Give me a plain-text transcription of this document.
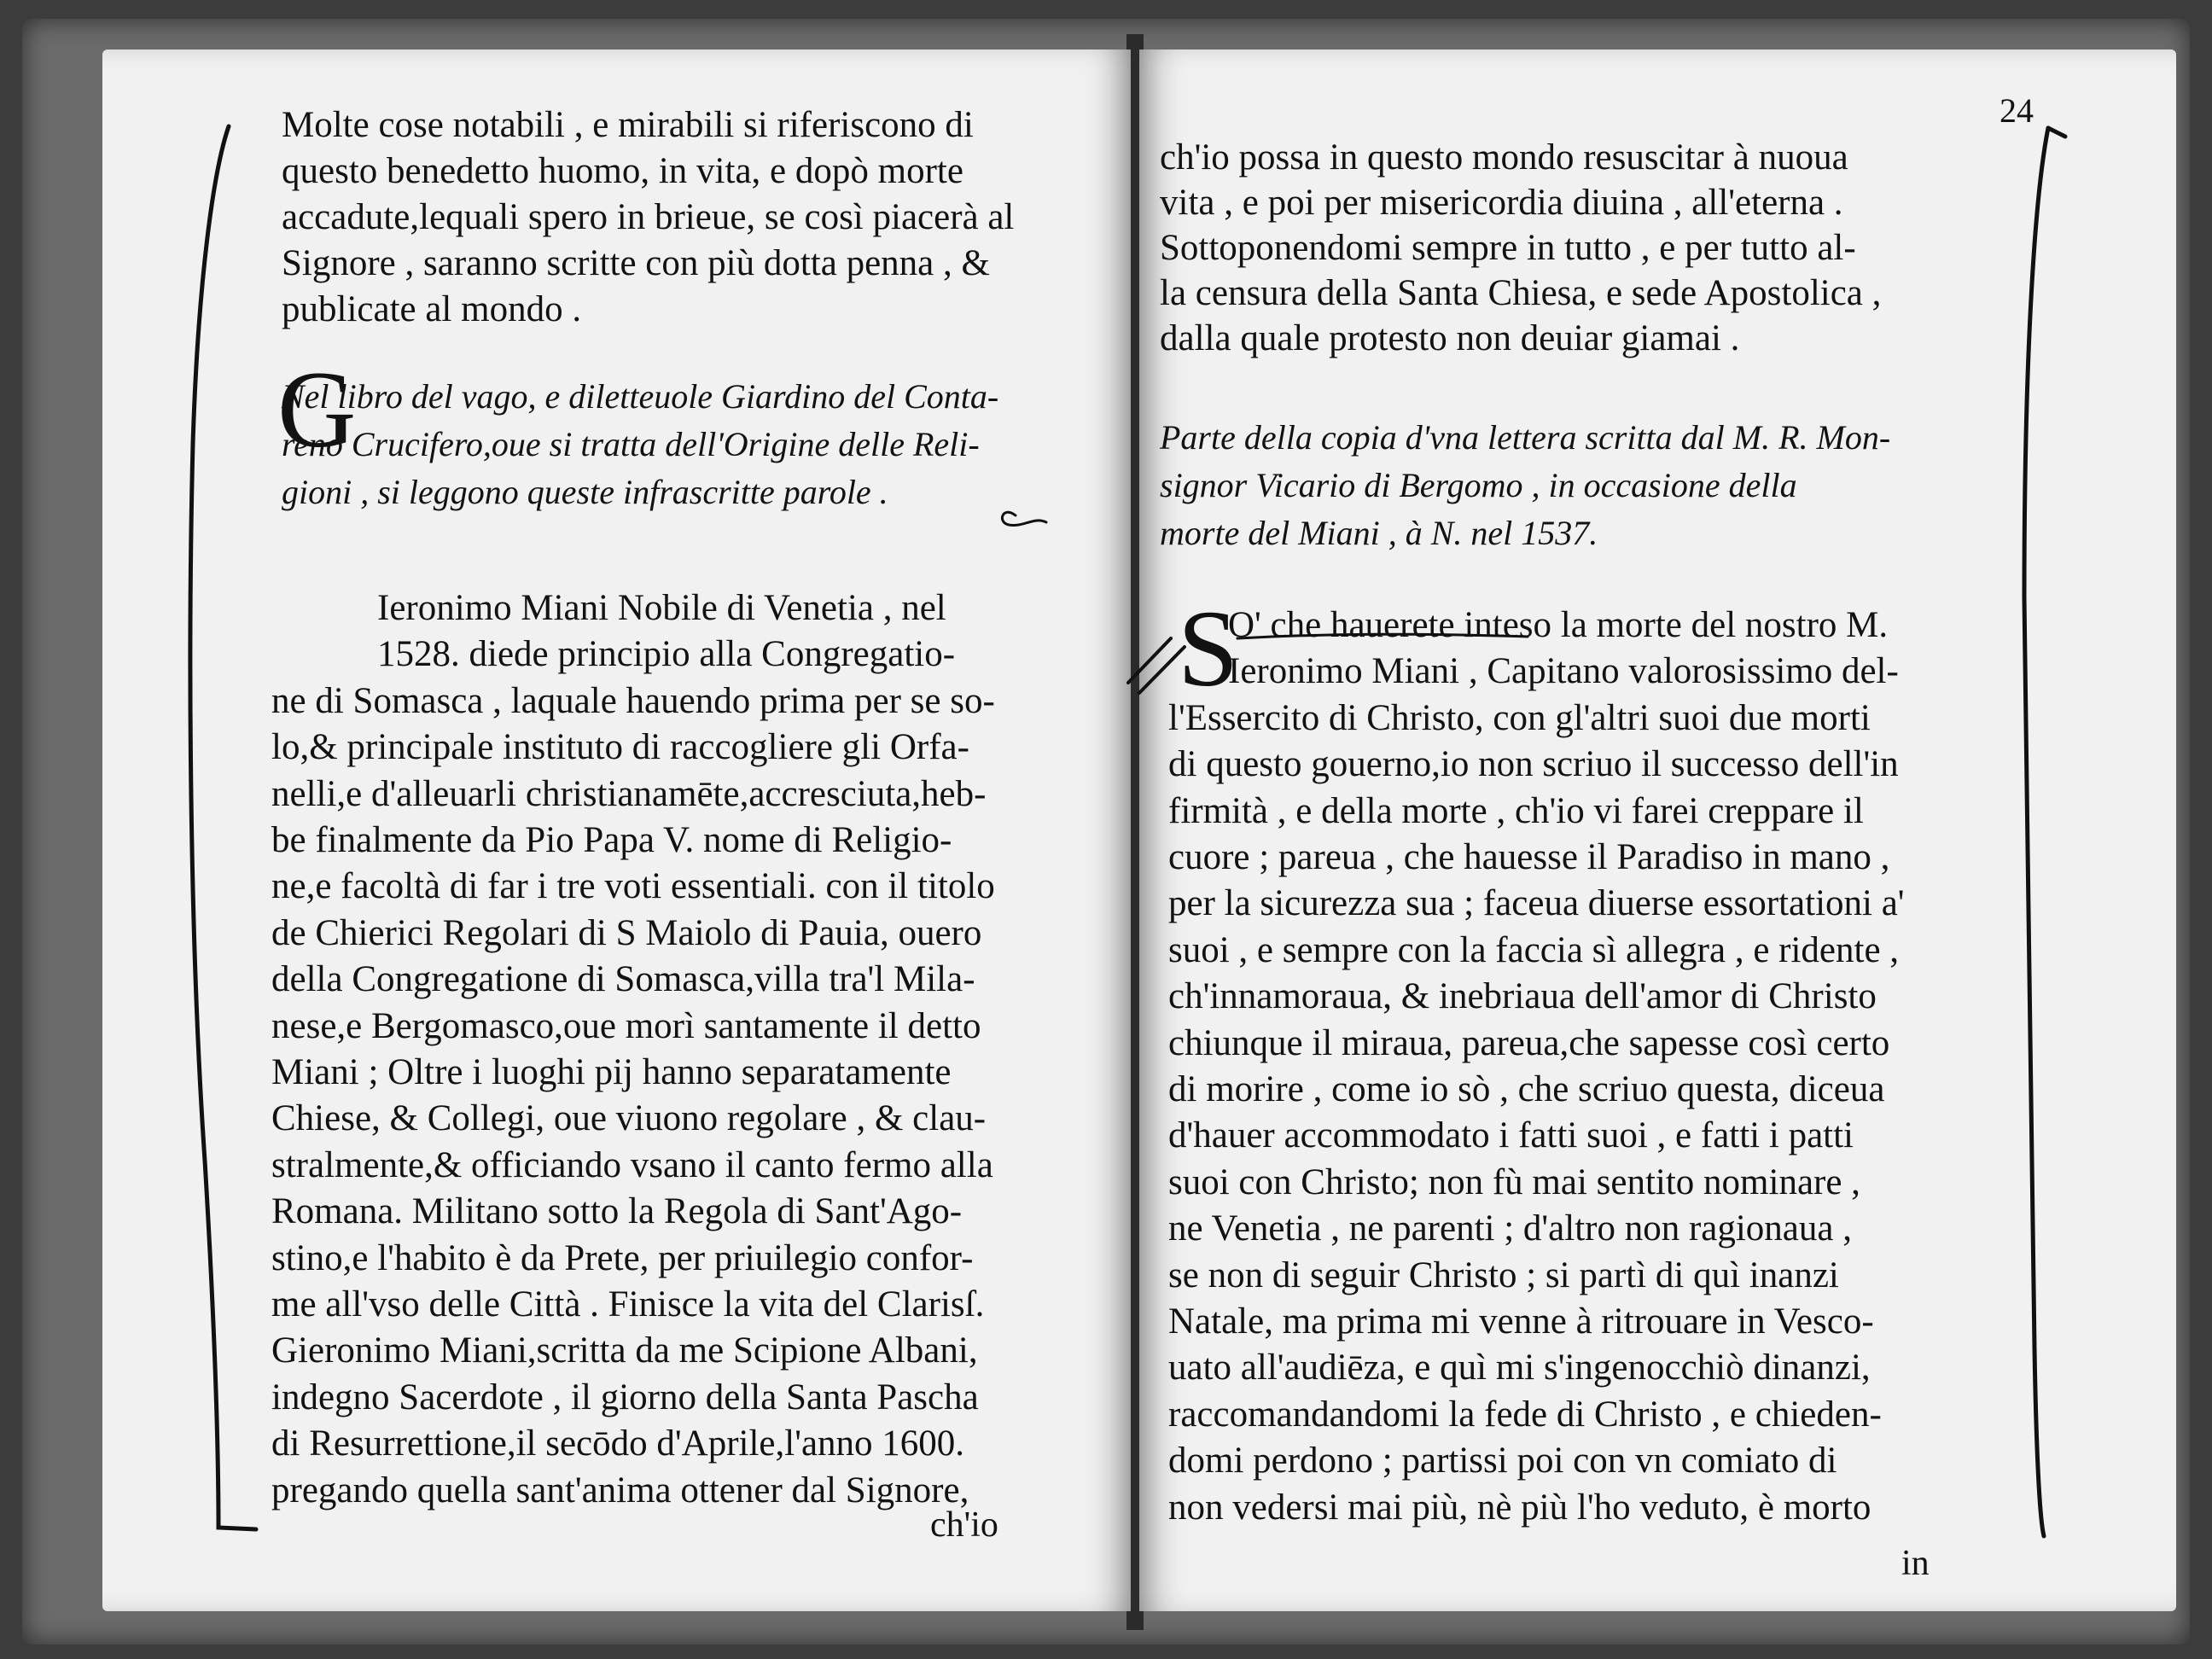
Molte cose notabili , e mirabili si riferiscono di
questo benedetto huomo, in vita, e dopò morte
accadute,lequali spero in brieue, se così piacerà al
Signore , saranno scritte con più dotta penna , &
publicate al mondo .
Nel libro del vago, e diletteuole Giardino del Conta-
reno Crucifero,oue si tratta dell'Origine delle Reli-
gioni , si leggono queste infrascritte parole .
G
Ieronimo Miani Nobile di Venetia , nel
1528. diede principio alla Congregatio-
ne di Somasca , laquale hauendo prima per se so-
lo,& principale instituto di raccogliere gli Orfa-
nelli,e d'alleuarli christianamēte,accresciuta,heb-
be finalmente da Pio Papa V. nome di Religio-
ne,e facoltà di far i tre voti essentiali. con il titolo
de Chierici Regolari di S Maiolo di Pauia, ouero
della Congregatione di Somasca,villa tra'l Mila-
nese,e Bergomasco,oue morì santamente il detto
Miani ; Oltre i luoghi pij hanno separatamente
Chiese, & Collegi, oue viuono regolare , & clau-
stralmente,& officiando vsano il canto fermo alla
Romana. Militano sotto la Regola di Sant'Ago-
stino,e l'habito è da Prete, per priuilegio confor-
me all'vso delle Città . Finisce la vita del Clarisſ.
Gieronimo Miani,scritta da me Scipione Albani,
indegno Sacerdote , il giorno della Santa Pascha
di Resurrettione,il secōdo d'Aprile,l'anno 1600.
pregando quella sant'anima ottener dal Signore,
ch'io
24
ch'io possa in questo mondo resuscitar à nuoua
vita , e poi per misericordia diuina , all'eterna .
Sottoponendomi sempre in tutto , e per tutto al-
la censura della Santa Chiesa, e sede Apostolica ,
dalla quale protesto non deuiar giamai .
Parte della copia d'vna lettera scritta dal M. R. Mon-
signor Vicario di Bergomo , in occasione della
morte del Miani , à N. nel 1537.
S
O' che hauerete inteso la morte del nostro M.
Ieronimo Miani , Capitano valorosissimo del-
l'Essercito di Christo, con gl'altri suoi due morti
di questo gouerno,io non scriuo il successo dell'in
firmità , e della morte , ch'io vi farei creppare il
cuore ; pareua , che hauesse il Paradiso in mano ,
per la sicurezza sua ; faceua diuerse essortationi a'
suoi , e sempre con la faccia sì allegra , e ridente ,
ch'innamoraua, & inebriaua dell'amor di Christo
chiunque il miraua, pareua,che sapesse così certo
di morire , come io sò , che scriuo questa, diceua
d'hauer accommodato i fatti suoi , e fatti i patti
suoi con Christo; non fù mai sentito nominare ,
ne Venetia , ne parenti ; d'altro non ragionaua ,
se non di seguir Christo ; si partì di quì inanzi
Natale, ma prima mi venne à ritrouare in Vesco-
uato all'audiēza, e quì mi s'ingenocchiò dinanzi,
raccomandandomi la fede di Christo , e chieden-
domi perdono ; partissi poi con vn comiato di
non vedersi mai più, nè più l'ho veduto, è morto
in
